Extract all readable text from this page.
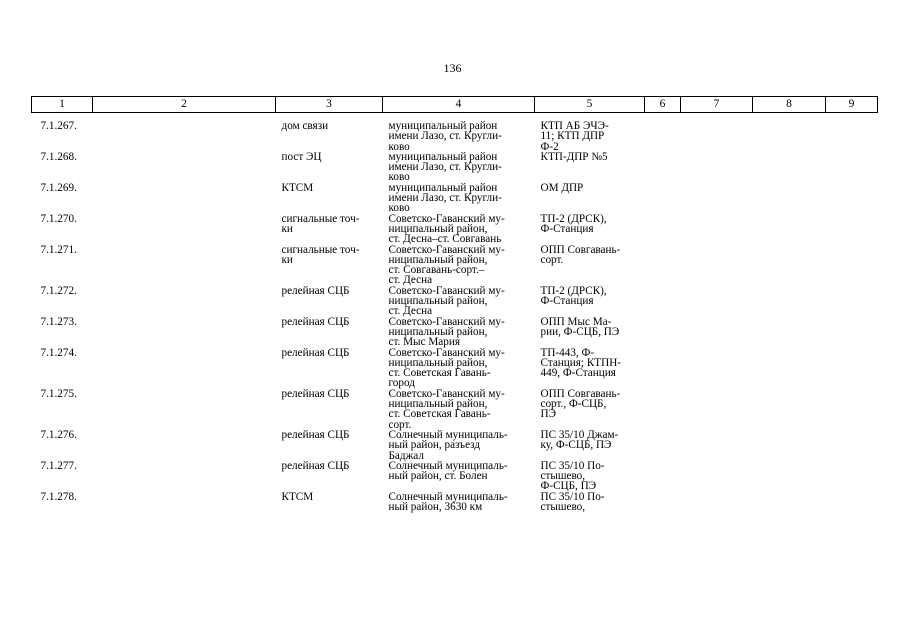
136
1	2	3	4	5	6	7	8	9
7.1.267.		дом связи	муниципальный район
имени Лазо, ст. Кругли-
ково	КТП АБ ЭЧЭ-
11; КТП ДПР
Ф-2				
7.1.268.		пост ЭЦ	муниципальный район
имени Лазо, ст. Кругли-
ково	КТП-ДПР №5				
7.1.269.		КТСМ	муниципальный район
имени Лазо, ст. Кругли-
ково	ОМ ДПР				
7.1.270.		сигнальные точ-
ки	Советско-Гаванский му-
ниципальный район,
ст. Десна–ст. Совгавань	ТП-2 (ДРСК),
Ф-Станция				
7.1.271.		сигнальные точ-
ки	Советско-Гаванский му-
ниципальный район,
ст. Совгавань-сорт.–
ст. Десна	ОПП Совгавань-
сорт.				
7.1.272.		релейная СЦБ	Советско-Гаванский му-
ниципальный район,
ст. Десна	ТП-2 (ДРСК),
Ф-Станция				
7.1.273.		релейная СЦБ	Советско-Гаванский му-
ниципальный район,
ст. Мыс Мария	ОПП Мыс Ма-
рии, Ф-СЦБ, ПЭ				
7.1.274.		релейная СЦБ	Советско-Гаванский му-
ниципальный район,
ст. Советская Гавань-
город	ТП-443, Ф-
Станция; КТПН-
449, Ф-Станция				
7.1.275.		релейная СЦБ	Советско-Гаванский му-
ниципальный район,
ст. Советская Гавань-
сорт.	ОПП Совгавань-
сорт., Ф-СЦБ,
ПЭ				
7.1.276.		релейная СЦБ	Солнечный муниципаль-
ный район, разъезд
Баджал	ПС 35/10 Джам-
ку, Ф-СЦБ, ПЭ				
7.1.277.		релейная СЦБ	Солнечный муниципаль-
ный район, ст. Болен	ПС 35/10 По-
стышево,
Ф-СЦБ, ПЭ				
7.1.278.		КТСМ	Солнечный муниципаль-
ный район, 3630 км	ПС 35/10 По-
стышево,				
